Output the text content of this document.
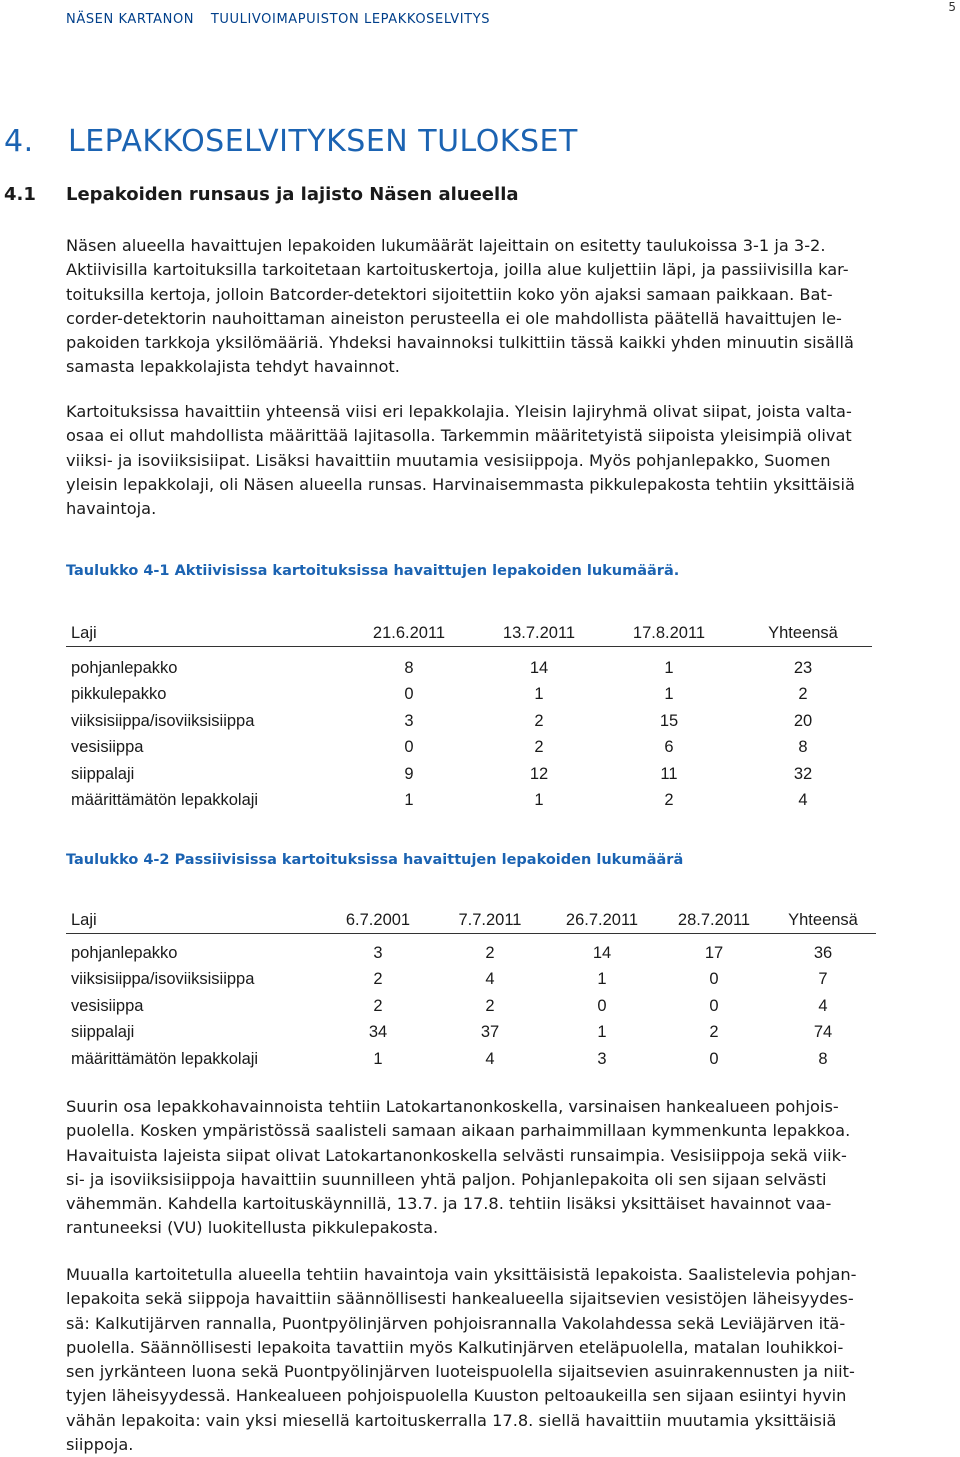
5
NÄSEN KARTANON TUULIVOIMAPUISTON LEPAKKOSELVITYS
4. LEPAKKOSELVITYKSEN TULOKSET
4.1 Lepakoiden runsaus ja lajisto Näsen alueella
Näsen alueella havaittujen lepakoiden lukumäärät lajeittain on esitetty taulukoissa 3-1 ja 3-2.
Aktiivisilla kartoituksilla tarkoitetaan kartoituskertoja, joilla alue kuljettiin läpi, ja passiivisilla kar-
toituksilla kertoja, jolloin Batcorder-detektori sijoitettiin koko yön ajaksi samaan paikkaan. Bat-
corder-detektorin nauhoittaman aineiston perusteella ei ole mahdollista päätellä havaittujen le-
pakoiden tarkkoja yksilömääriä. Yhdeksi havainnoksi tulkittiin tässä kaikki yhden minuutin sisällä
samasta lepakkolajista tehdyt havainnot.
Kartoituksissa havaittiin yhteensä viisi eri lepakkolajia. Yleisin lajiryhmä olivat siipat, joista valta-
osaa ei ollut mahdollista määrittää lajitasolla. Tarkemmin määritetyistä siipoista yleisimpiä olivat
viiksi- ja isoviiksisiipat. Lisäksi havaittiin muutamia vesisiippoja. Myös pohjanlepakko, Suomen
yleisin lepakkolaji, oli Näsen alueella runsas. Harvinaisemmasta pikkulepakosta tehtiin yksittäisiä
havaintoja.
Taulukko 4-1 Aktiivisissa kartoituksissa havaittujen lepakoiden lukumäärä.
Laji	21.6.2011	13.7.2011	17.8.2011	Yhteensä

pohjanlepakko	8	14	1	23
pikkulepakko	0	1	1	2
viiksisiippa/isoviiksisiippa	3	2	15	20
vesisiippa	0	2	6	8
siippalaji	9	12	11	32
määrittämätön lepakkolaji	1	1	2	4
Taulukko 4-2 Passiivisissa kartoituksissa havaittujen lepakoiden lukumäärä
Laji	6.7.2001	7.7.2011	26.7.2011	28.7.2011	Yhteensä

pohjanlepakko	3	2	14	17	36
viiksisiippa/isoviiksisiippa	2	4	1	0	7
vesisiippa	2	2	0	0	4
siippalaji	34	37	1	2	74
määrittämätön lepakkolaji	1	4	3	0	8
Suurin osa lepakkohavainnoista tehtiin Latokartanonkoskella, varsinaisen hankealueen pohjois-
puolella. Kosken ympäristössä saalisteli samaan aikaan parhaimmillaan kymmenkunta lepakkoa.
Havaituista lajeista siipat olivat Latokartanonkoskella selvästi runsaimpia. Vesisiippoja sekä viik-
si- ja isoviiksisiippoja havaittiin suunnilleen yhtä paljon. Pohjanlepakoita oli sen sijaan selvästi
vähemmän. Kahdella kartoituskäynnillä, 13.7. ja 17.8. tehtiin lisäksi yksittäiset havainnot vaa-
rantuneeksi (VU) luokitellusta pikkulepakosta.
Muualla kartoitetulla alueella tehtiin havaintoja vain yksittäisistä lepakoista. Saalistelevia pohjan-
lepakoita sekä siippoja havaittiin säännöllisesti hankealueella sijaitsevien vesistöjen läheisyydes-
sä: Kalkutijärven rannalla, Puontpyölinjärven pohjoisrannalla Vakolahdessa sekä Leviäjärven itä-
puolella. Säännöllisesti lepakoita tavattiin myös Kalkutinjärven eteläpuolella, matalan louhikkoi-
sen jyrkänteen luona sekä Puontpyölinjärven luoteispuolella sijaitsevien asuinrakennusten ja niit-
tyjen läheisyydessä. Hankealueen pohjoispuolella Kuuston peltoaukeilla sen sijaan esiintyi hyvin
vähän lepakoita: vain yksi miesellä kartoituskerralla 17.8. siellä havaittiin muutamia yksittäisiä
siippoja.
